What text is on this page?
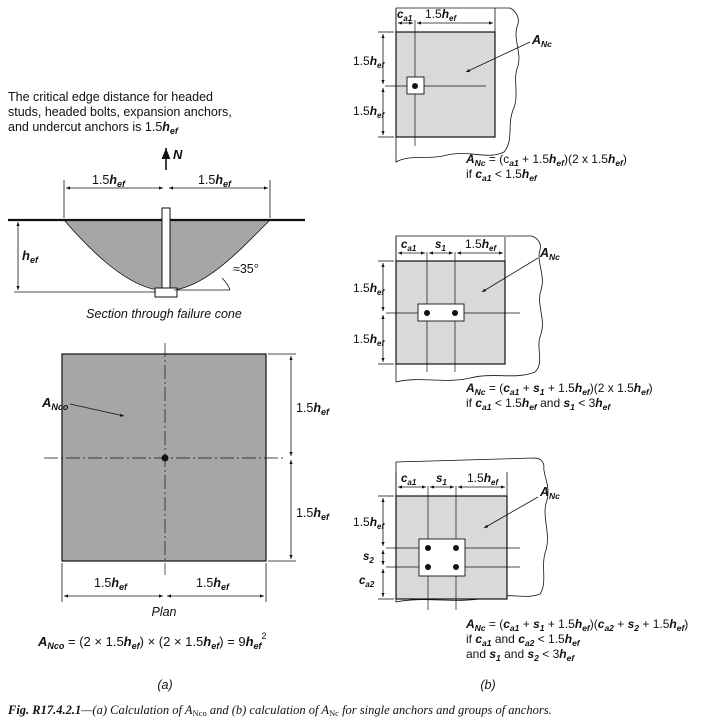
The critical edge distance for headed
studs, headed bolts, expansion anchors,
and undercut anchors is $1.5h_{ef}$
N
$1.5h_{ef}$	$1.5h_{ef}$
$h_{ef}$
≈35°
Section through failure cone
$A_{Nco}$	$1.5h_{ef}$
$1.5h_{ef}$
$1.5h_{ef}$	$1.5h_{ef}$
Plan
$A_{Nco} = (2 \times 1.5h_{ef}) \times (2 \times 1.5h_{ef}) = 9h_{ef}^2$
(a)
$c_{a1}$ $1.5h_{ef}$
$1.5h_{ef}$
$1.5h_{ef}$
$A_{Nc}$
$A_{Nc} = (c_{a1} + 1.5h_{ef})(2$ x $1.5h_{ef}$)
if $c_{a1} < 1.5h_{ef}$
$c_{a1}$ $s_1$ $1.5h_{ef}$
$1.5h_{ef}$
$1.5h_{ef}$
$A_{Nc}$
$A_{Nc} = (c_{a1} + s_1 + 1.5h_{ef})(2$ x $1.5h_{ef}$)
if $c_{a1} < 1.5h_{ef}$ and $s_1 < 3h_{ef}$
$c_{a1}$ $s_1$ $1.5h_{ef}$
$1.5h_{ef}$
$s_2$
$c_{a2}$
$A_{Nc}$
$A_{Nc} = (c_{a1} + s_1 + 1.5h_{ef})(c_{a2} + s_2 + 1.5h_{ef})$
if $c_{a1}$ and $c_{a2} < 1.5h_{ef}$
and $s_1$ and $s_2 < 3h_{ef}$
(b)
Fig. R17.4.2.1—(a) Calculation of ANco and (b) calculation of ANc for single anchors and groups of anchors.
